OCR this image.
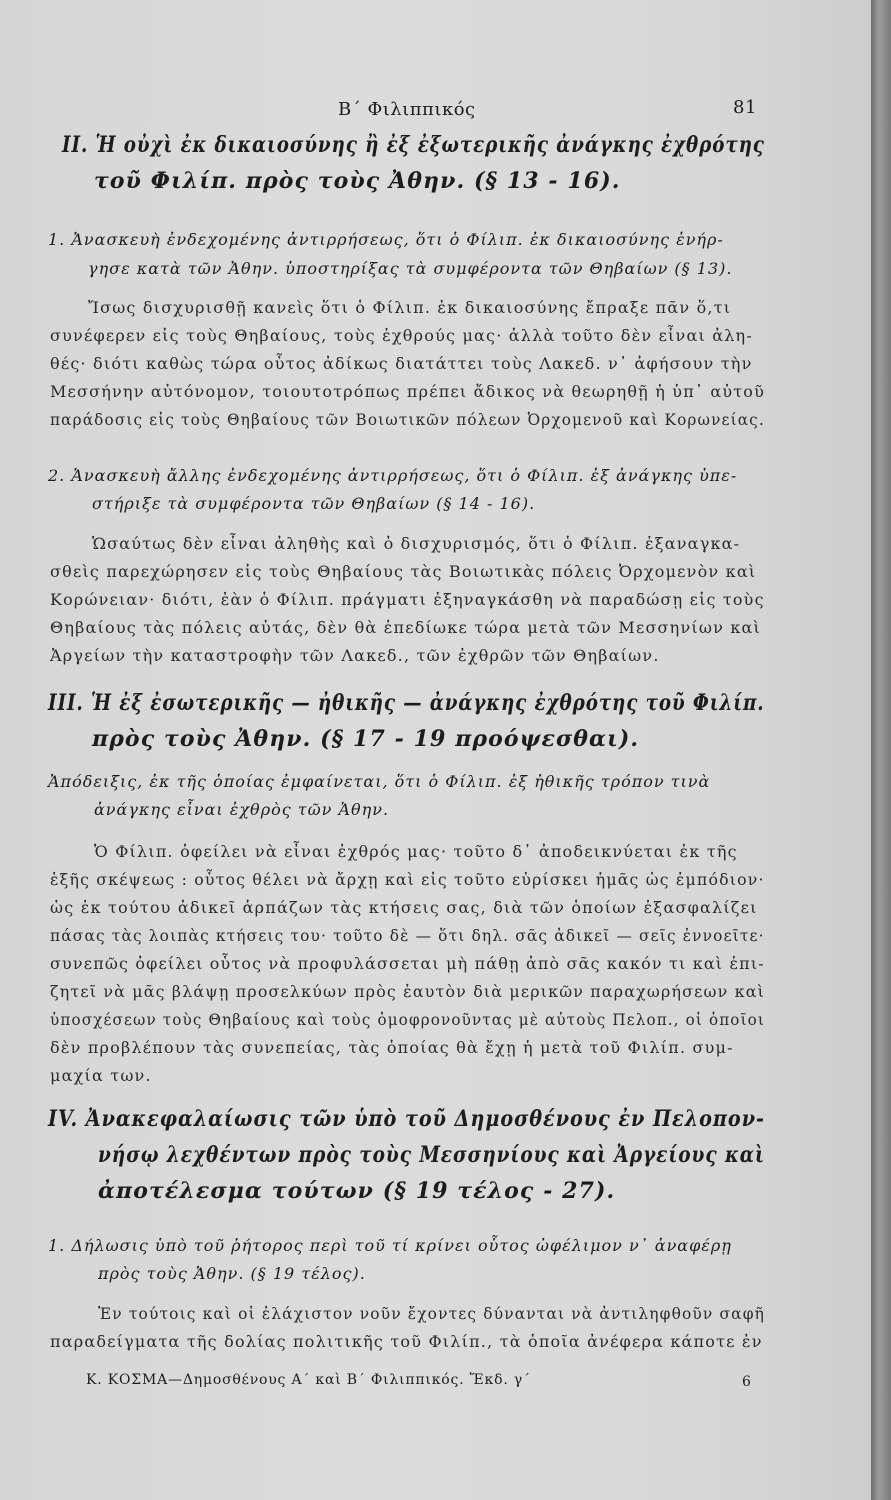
Β΄ Φιλιππικός	81
II. Ἡ οὐχὶ ἐκ δικαιοσύνης ἢ ἐξ ἐξωτερικῆς ἀνάγκης ἐχθρότης
τοῦ Φιλίπ. πρὸς τοὺς Ἀθην. (§ 13 - 16).
1. Ἀνασκευὴ ἐνδεχομένης ἀντιρρήσεως, ὅτι ὁ Φίλιπ. ἐκ δικαιοσύνης ἐνήρ-
γησε κατὰ τῶν Ἀθην. ὑποστηρίξας τὰ συμφέροντα τῶν Θηβαίων (§ 13).
Ἴσως δισχυρισθῇ κανεὶς ὅτι ὁ Φίλιπ. ἐκ δικαιοσύνης ἔπραξε πᾶν ὅ,τι
συνέφερεν εἰς τοὺς Θηβαίους, τοὺς ἐχθρούς μας· ἀλλὰ τοῦτο δὲν εἶναι ἀλη-
θές· διότι καθὼς τώρα οὗτος ἀδίκως διατάττει τοὺς Λακεδ. ν᾿ ἀφήσουν τὴν
Μεσσήνην αὐτόνομον, τοιουτοτρόπως πρέπει ἄδικος νὰ θεωρηθῇ ἡ ὑπ᾿ αὐτοῦ
παράδοσις εἰς τοὺς Θηβαίους τῶν Βοιωτικῶν πόλεων Ὀρχομενοῦ καὶ Κορωνείας.
2. Ἀνασκευὴ ἄλλης ἐνδεχομένης ἀντιρρήσεως, ὅτι ὁ Φίλιπ. ἐξ ἀνάγκης ὑπε-
στήριξε τὰ συμφέροντα τῶν Θηβαίων (§ 14 - 16).
Ὡσαύτως δὲν εἶναι ἀληθὴς καὶ ὁ δισχυρισμός, ὅτι ὁ Φίλιπ. ἐξαναγκα-
σθεὶς παρεχώρησεν εἰς τοὺς Θηβαίους τὰς Βοιωτικὰς πόλεις Ὀρχομενὸν καὶ
Κορώνειαν· διότι, ἐὰν ὁ Φίλιπ. πράγματι ἐξηναγκάσθη νὰ παραδώσῃ εἰς τοὺς
Θηβαίους τὰς πόλεις αὐτάς, δὲν θὰ ἐπεδίωκε τώρα μετὰ τῶν Μεσσηνίων καὶ
Ἀργείων τὴν καταστροφὴν τῶν Λακεδ., τῶν ἐχθρῶν τῶν Θηβαίων.
III. Ἡ ἐξ ἐσωτερικῆς — ἠθικῆς — ἀνάγκης ἐχθρότης τοῦ Φιλίπ.
πρὸς τοὺς Ἀθην. (§ 17 - 19 προόψεσθαι).
Ἀπόδειξις, ἐκ τῆς ὁποίας ἐμφαίνεται, ὅτι ὁ Φίλιπ. ἐξ ἠθικῆς τρόπον τινὰ
ἀνάγκης εἶναι ἐχθρὸς τῶν Ἀθην.
Ὁ Φίλιπ. ὀφείλει νὰ εἶναι ἐχθρός μας· τοῦτο δ᾿ ἀποδεικνύεται ἐκ τῆς
ἑξῆς σκέψεως : οὗτος θέλει νὰ ἄρχῃ καὶ εἰς τοῦτο εὑρίσκει ἡμᾶς ὡς ἐμπόδιον·
ὡς ἐκ τούτου ἀδικεῖ ἁρπάζων τὰς κτήσεις σας, διὰ τῶν ὁποίων ἐξασφαλίζει
πάσας τὰς λοιπὰς κτήσεις του· τοῦτο δὲ — ὅτι δηλ. σᾶς ἀδικεῖ — σεῖς ἐννοεῖτε·
συνεπῶς ὀφείλει οὗτος νὰ προφυλάσσεται μὴ πάθῃ ἀπὸ σᾶς κακόν τι καὶ ἐπι-
ζητεῖ νὰ μᾶς βλάψῃ προσελκύων πρὸς ἑαυτὸν διὰ μερικῶν παραχωρήσεων καὶ
ὑποσχέσεων τοὺς Θηβαίους καὶ τοὺς ὁμοφρονοῦντας μὲ αὐτοὺς Πελοπ., οἱ ὁποῖοι
δὲν προβλέπουν τὰς συνεπείας, τὰς ὁποίας θὰ ἔχῃ ἡ μετὰ τοῦ Φιλίπ. συμ-
μαχία των.
IV. Ἀνακεφαλαίωσις τῶν ὑπὸ τοῦ Δημοσθένους ἐν Πελοπον-
νήσῳ λεχθέντων πρὸς τοὺς Μεσσηνίους καὶ Ἀργείους καὶ
ἀποτέλεσμα τούτων (§ 19 τέλος - 27).
1. Δήλωσις ὑπὸ τοῦ ῥήτορος περὶ τοῦ τί κρίνει οὗτος ὠφέλιμον ν᾿ ἀναφέρῃ
πρὸς τοὺς Ἀθην. (§ 19 τέλος).
Ἐν τούτοις καὶ οἱ ἐλάχιστον νοῦν ἔχοντες δύνανται νὰ ἀντιληφθοῦν σαφῆ
παραδείγματα τῆς δολίας πολιτικῆς τοῦ Φιλίπ., τὰ ὁποῖα ἀνέφερα κάποτε ἐν
Κ. ΚΟΣΜΑ—Δημοσθένους Α΄ καὶ Β΄ Φιλιππικός. Ἔκδ. γ΄	6
